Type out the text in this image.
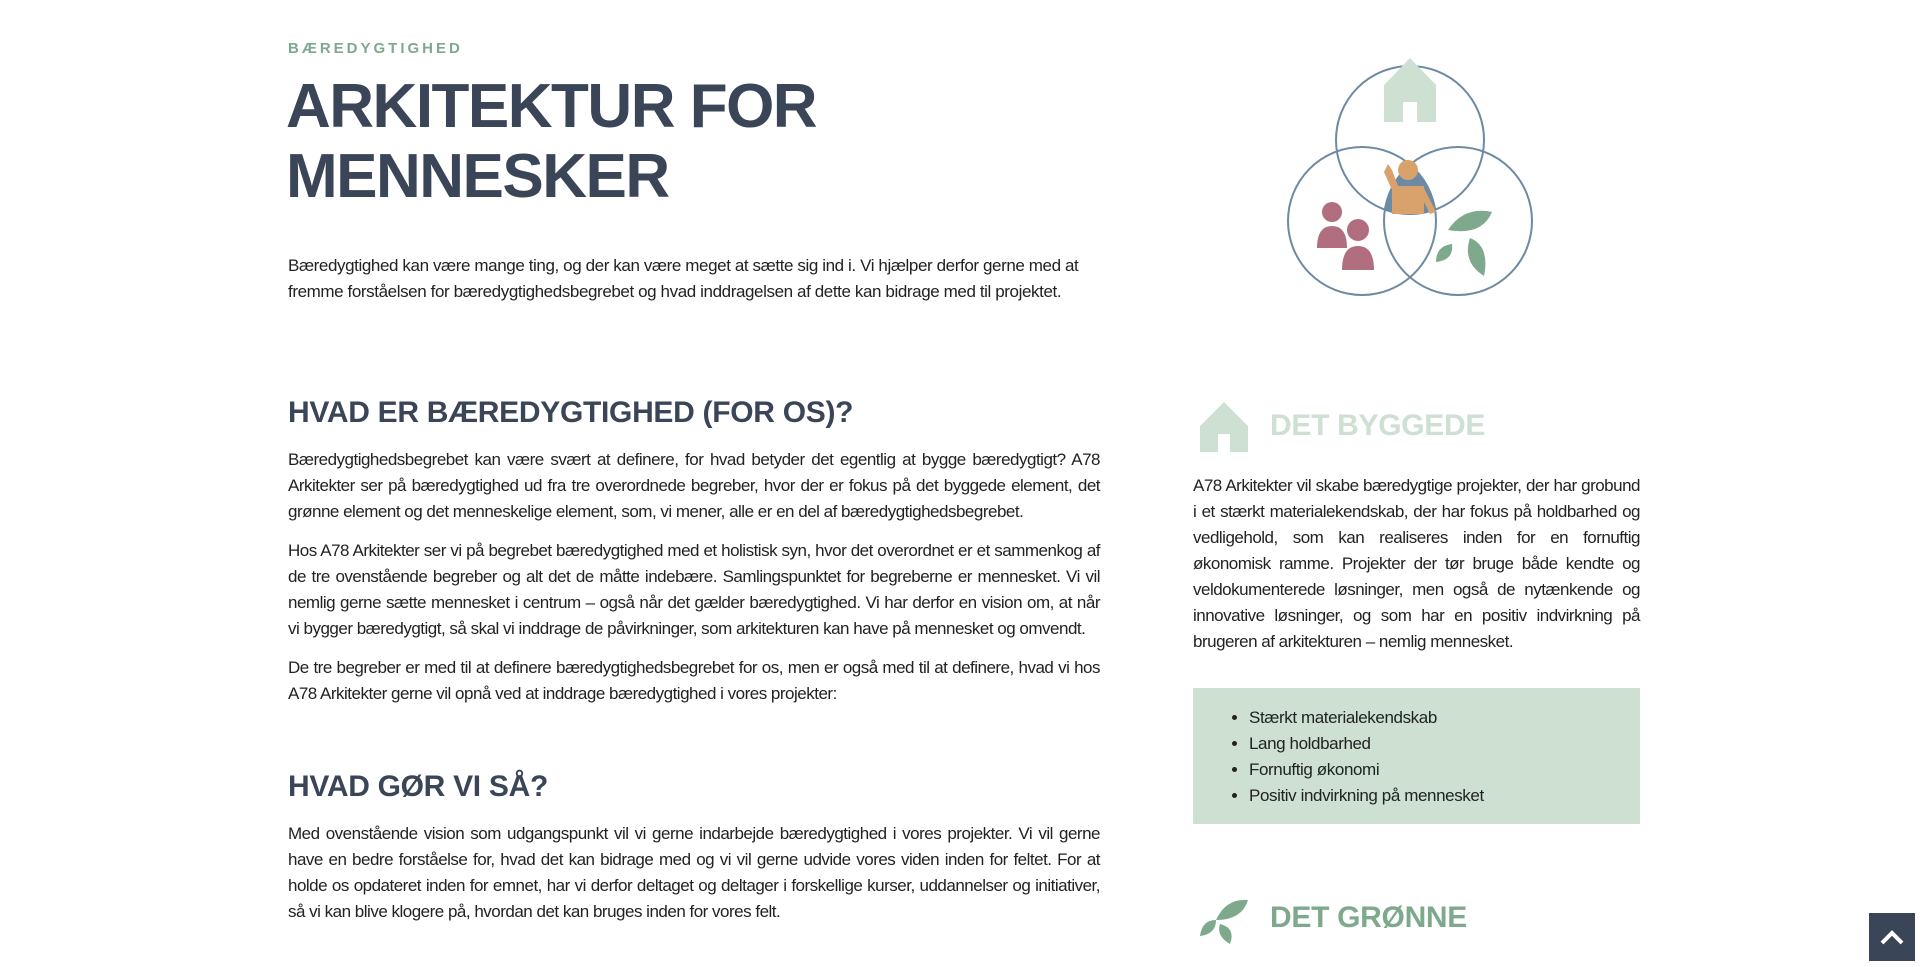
BÆREDYGTIGHED
ARKITEKTUR FOR
MENNESKER

Bæredygtighed kan være mange ting, og der kan være meget at sætte sig ind i. Vi hjælper derfor gerne med at fremme forståelsen for bæredygtighedsbegrebet og hvad inddragelsen af dette kan bidrage med til projektet.

HVAD ER BÆREDYGTIGHED (FOR OS)?

Bæredygtighedsbegrebet kan være svært at definere, for hvad betyder det egentlig at bygge bæredygtigt? A78 Arkitekter ser på bæredygtighed ud fra tre overordnede begreber, hvor der er fokus på det byggede element, det grønne element og det menneskelige element, som, vi mener, alle er en del af bæredygtighedsbegrebet.

Hos A78 Arkitekter ser vi på begrebet bæredygtighed med et holistisk syn, hvor det overordnet er et sammenkog af de tre ovenstående begreber og alt det de måtte indebære. Samlingspunktet for begreberne er mennesket. Vi vil nemlig gerne sætte mennesket i centrum – også når det gælder bæredygtighed. Vi har derfor en vision om, at når vi bygger bæredygtigt, så skal vi inddrage de påvirkninger, som arkitekturen kan have på mennesket og omvendt.

De tre begreber er med til at definere bæredygtighedsbegrebet for os, men er også med til at definere, hvad vi hos A78 Arkitekter gerne vil opnå ved at inddrage bæredygtighed i vores projekter:

HVAD GØR VI SÅ?

Med ovenstående vision som udgangspunkt vil vi gerne indarbejde bæredygtighed i vores projekter. Vi vil gerne have en bedre forståelse for, hvad det kan bidrage med og vi vil gerne udvide vores viden inden for feltet. For at holde os opdateret inden for emnet, har vi derfor deltaget og deltager i forskellige kurser, uddannelser og initiativer, så vi kan blive klogere på, hvordan det kan bruges inden for vores felt.

DET BYGGEDE

A78 Arkitekter vil skabe bæredygtige projekter, der har grobund i et stærkt materialekendskab, der har fokus på holdbarhed og vedligehold, som kan realiseres inden for en fornuftig økonomisk ramme. Projekter der tør bruge både kendte og veldokumenterede løsninger, men også de nytænkende og innovative løsninger, og som har en positiv indvirkning på brugeren af arkitekturen – nemlig mennesket.

• Stærkt materialekendskab
• Lang holdbarhed
• Fornuftig økonomi
• Positiv indvirkning på mennesket
DET GRØNNE
